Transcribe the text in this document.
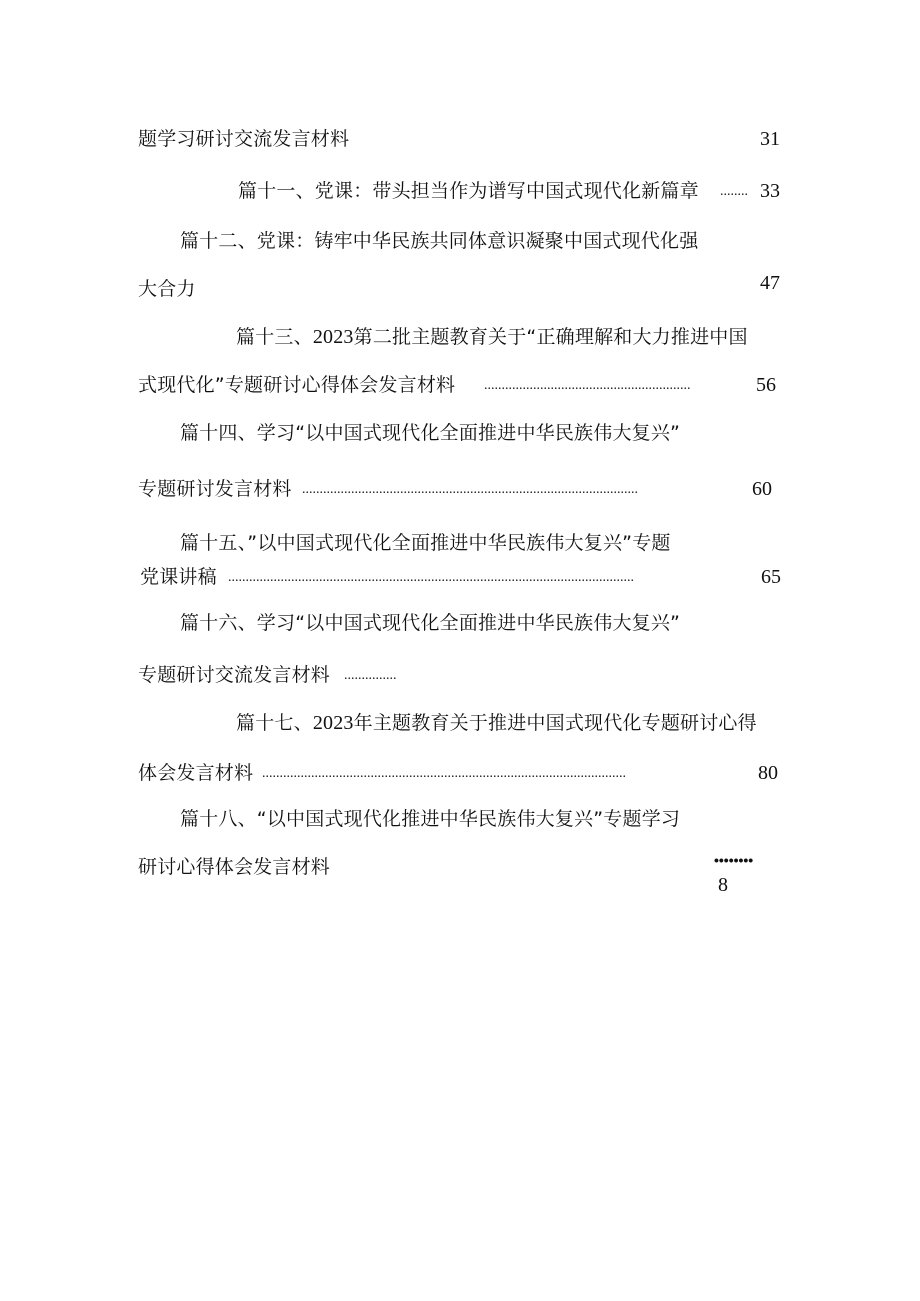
题学习研讨交流发言材料	31
篇十一、党课：带头担当作为谱写中国式现代化新篇章 ........ 33
篇十二、党课：铸牢中华民族共同体意识凝聚中国式现代化强
大合力	47
篇十三、2023第二批主题教育关于“正确理解和大力推进中国
式现代化”专题研讨心得体会发言材料 ...........................................................	56
篇十四、学习“以中国式现代化全面推进中华民族伟大复兴”
专题研讨发言材料 ................................................................................................	60
篇十五、”以中国式现代化全面推进中华民族伟大复兴”专题
党课讲稿 ....................................................................................................................	65
篇十六、学习“以中国式现代化全面推进中华民族伟大复兴”
专题研讨交流发言材料 ...............
篇十七、2023年主题教育关于推进中国式现代化专题研讨心得
体会发言材料 ........................................................................................................	80
篇十八、“以中国式现代化推进中华民族伟大复兴”专题学习
研讨心得体会发言材料	••••••••
8
